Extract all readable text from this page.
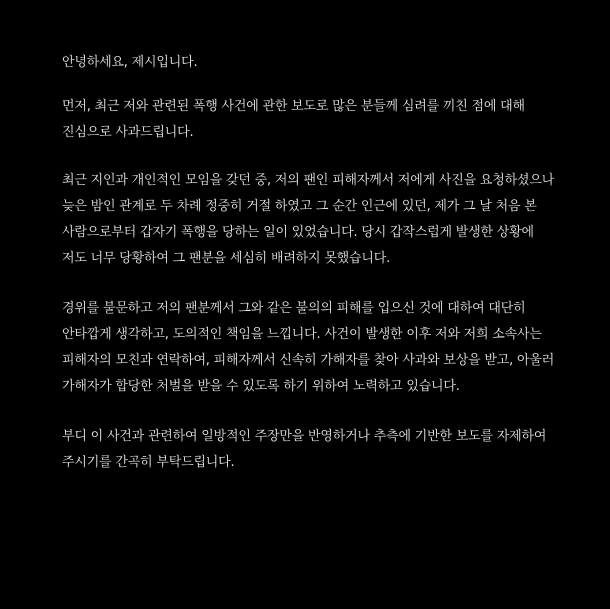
안녕하세요, 제시입니다.

먼저, 최근 저와 관련된 폭행 사건에 관한 보도로 많은 분들께 심려를 끼친 점에 대해
진심으로 사과드립니다.

최근 지인과 개인적인 모임을 갖던 중, 저의 팬인 피해자께서 저에게 사진을 요청하셨으나
늦은 밤인 관계로 두 차례 정중히 거절 하였고 그 순간 인근에 있던, 제가 그 날 처음 본
사람으로부터 갑자기 폭행을 당하는 일이 있었습니다. 당시 갑작스럽게 발생한 상황에
저도 너무 당황하여 그 팬분을 세심히 배려하지 못했습니다.

경위를 불문하고 저의 팬분께서 그와 같은 불의의 피해를 입으신 것에 대하여 대단히
안타깝게 생각하고, 도의적인 책임을 느낍니다. 사건이 발생한 이후 저와 저희 소속사는
피해자의 모친과 연락하여, 피해자께서 신속히 가해자를 찾아 사과와 보상을 받고, 아울러
가해자가 합당한 처벌을 받을 수 있도록 하기 위하여 노력하고 있습니다.

부디 이 사건과 관련하여 일방적인 주장만을 반영하거나 추측에 기반한 보도를 자제하여
주시기를 간곡히 부탁드립니다.
